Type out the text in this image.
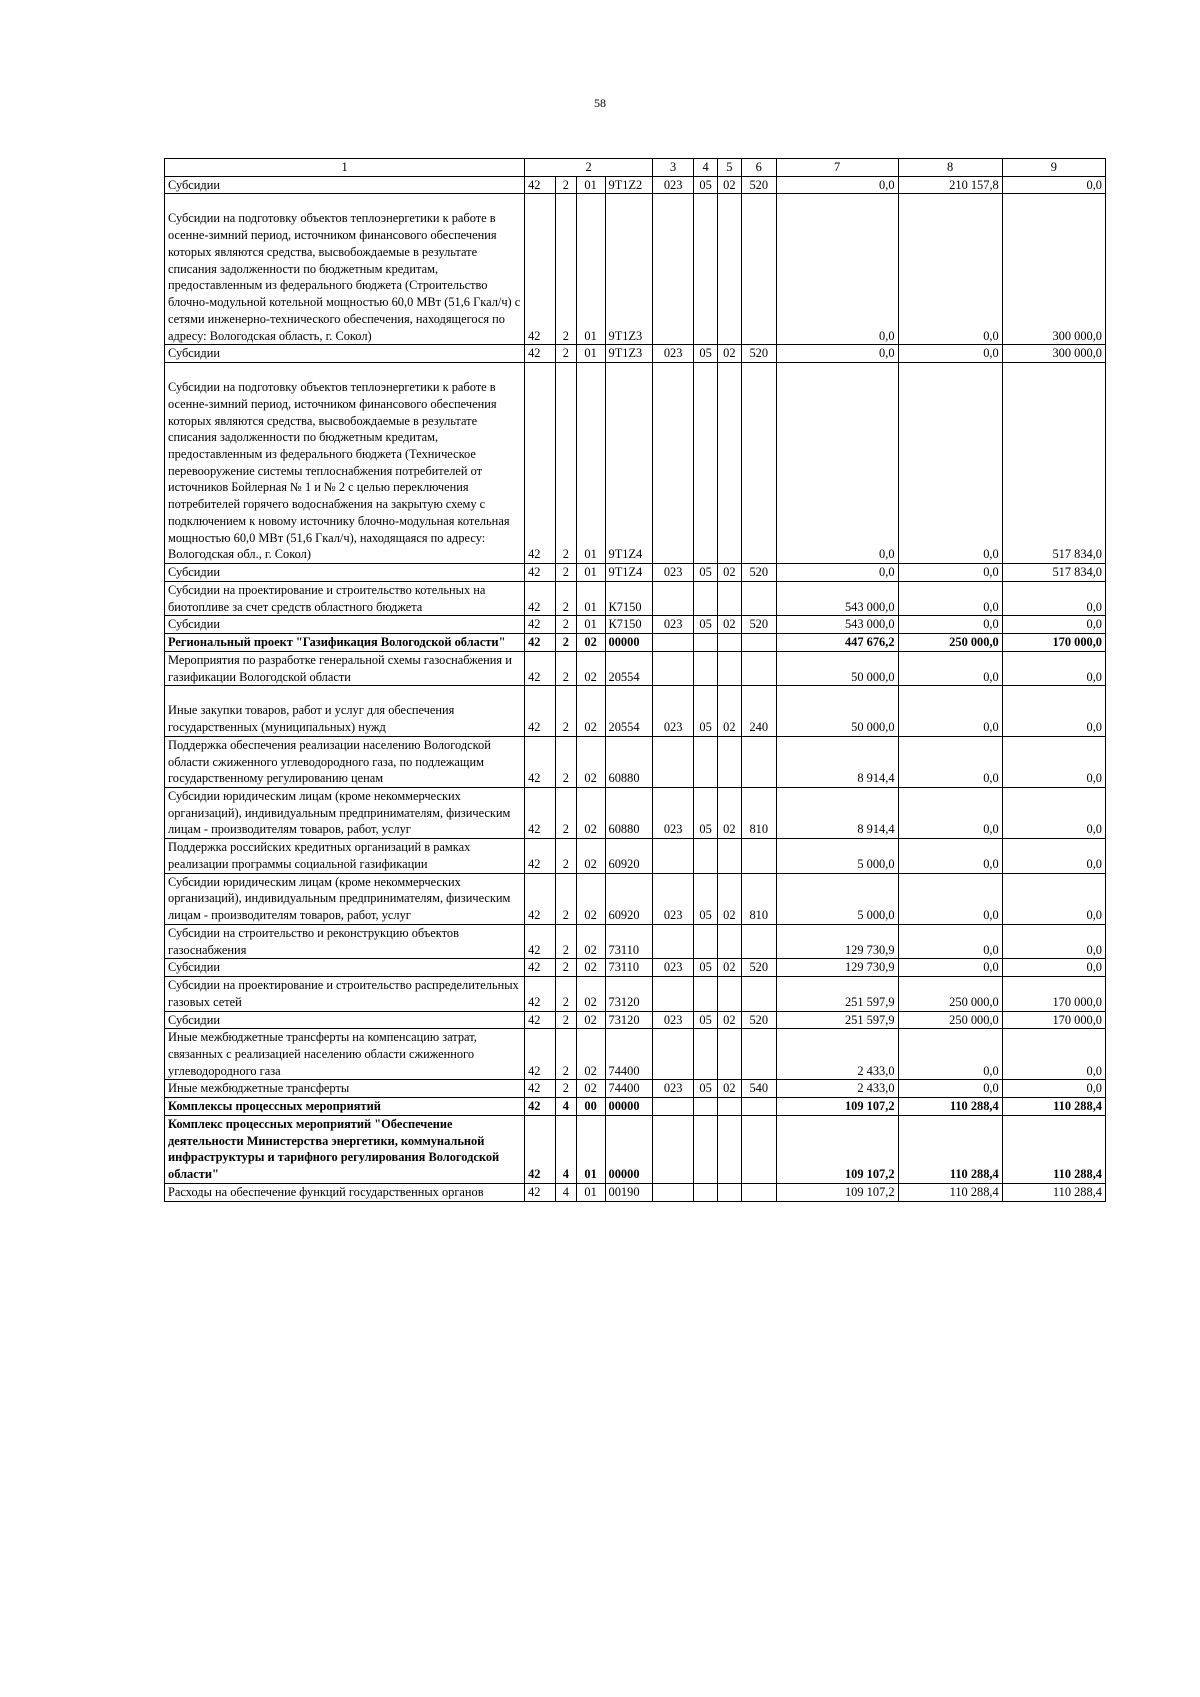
58
1	2				3	4	5	6	7	8	9
Субсидии	42	2	01	9Т1Z2	023	05	02	520	0,0	210 157,8	0,0

Субсидии на подготовку объектов теплоэнергетики к работе в осенне-зимний период, источником финансового обеспечения которых являются средства, высвобождаемые в результате списания задолженности по бюджетным кредитам, предоставленным из федерального бюджета (Строительство блочно-модульной котельной мощностью 60,0 МВт (51,6 Гкал/ч) с сетями инженерно-технического обеспечения, находящегося по адресу: Вологодская область, г. Сокол)	42	2	01	9Т1Z3					0,0	0,0	300 000,0
Субсидии	42	2	01	9Т1Z3	023	05	02	520	0,0	0,0	300 000,0

Субсидии на подготовку объектов теплоэнергетики к работе в осенне-зимний период, источником финансового обеспечения которых являются средства, высвобождаемые в результате списания задолженности по бюджетным кредитам, предоставленным из федерального бюджета (Техническое перевооружение системы теплоснабжения потребителей от источников Бойлерная № 1 и № 2 с целью переключения потребителей горячего водоснабжения на закрытую схему с подключением к новому источнику блочно-модульная котельная мощностью 60,0 МВт (51,6 Гкал/ч), находящаяся по адресу: Вологодская обл., г. Сокол)	42	2	01	9Т1Z4					0,0	0,0	517 834,0
Субсидии	42	2	01	9Т1Z4	023	05	02	520	0,0	0,0	517 834,0
Субсидии на проектирование и строительство котельных на биотопливе за счет средств областного бюджета	42	2	01	К7150					543 000,0	0,0	0,0
Субсидии	42	2	01	К7150	023	05	02	520	543 000,0	0,0	0,0
Региональный проект "Газификация Вологодской области"	42	2	02	00000					447 676,2	250 000,0	170 000,0
Мероприятия по разработке генеральной схемы газоснабжения и газификации Вологодской области	42	2	02	20554					50 000,0	0,0	0,0

Иные закупки товаров, работ и услуг для обеспечения государственных (муниципальных) нужд	42	2	02	20554	023	05	02	240	50 000,0	0,0	0,0
Поддержка обеспечения реализации населению Вологодской области сжиженного углеводородного газа, по подлежащим государственному регулированию ценам	42	2	02	60880					8 914,4	0,0	0,0
Субсидии юридическим лицам (кроме некоммерческих организаций), индивидуальным предпринимателям, физическим лицам - производителям товаров, работ, услуг	42	2	02	60880	023	05	02	810	8 914,4	0,0	0,0
Поддержка российских кредитных организаций в рамках реализации программы социальной газификации	42	2	02	60920					5 000,0	0,0	0,0
Субсидии юридическим лицам (кроме некоммерческих организаций), индивидуальным предпринимателям, физическим лицам - производителям товаров, работ, услуг	42	2	02	60920	023	05	02	810	5 000,0	0,0	0,0
Субсидии на строительство и реконструкцию объектов газоснабжения	42	2	02	73110					129 730,9	0,0	0,0
Субсидии	42	2	02	73110	023	05	02	520	129 730,9	0,0	0,0
Субсидии на проектирование и строительство распределительных газовых сетей	42	2	02	73120					251 597,9	250 000,0	170 000,0
Субсидии	42	2	02	73120	023	05	02	520	251 597,9	250 000,0	170 000,0
Иные межбюджетные трансферты на компенсацию затрат, связанных с реализацией населению области сжиженного углеводородного газа	42	2	02	74400					2 433,0	0,0	0,0
Иные межбюджетные трансферты	42	2	02	74400	023	05	02	540	2 433,0	0,0	0,0
Комплексы процессных мероприятий	42	4	00	00000					109 107,2	110 288,4	110 288,4
Комплекс процессных мероприятий "Обеспечение деятельности Министерства энергетики, коммунальной инфраструктуры и тарифного регулирования Вологодской области"	42	4	01	00000					109 107,2	110 288,4	110 288,4
Расходы на обеспечение функций государственных органов	42	4	01	00190					109 107,2	110 288,4	110 288,4
